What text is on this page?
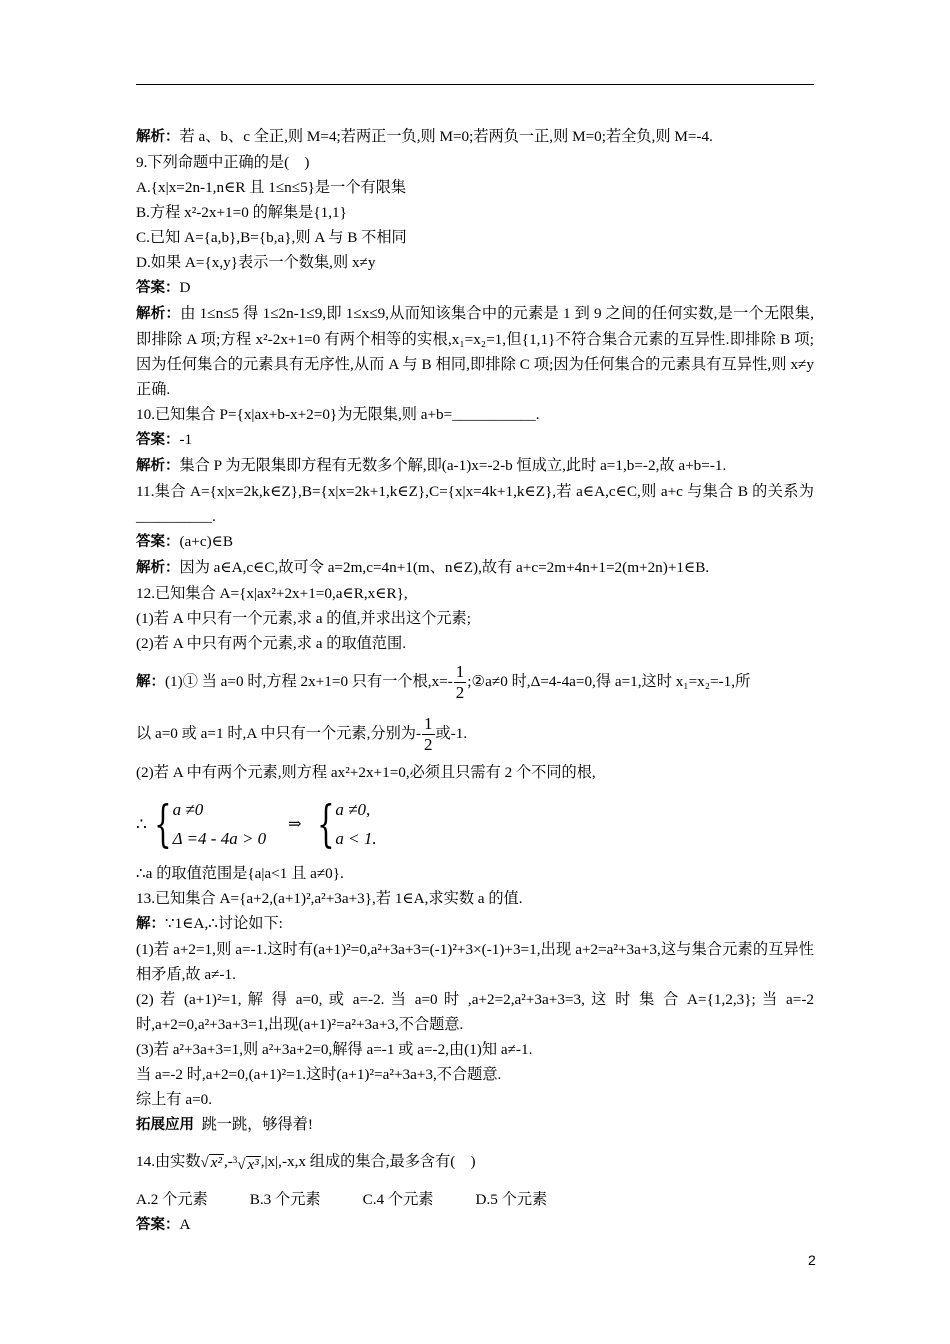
解析：若 a、b、c 全正,则 M=4;若两正一负,则 M=0;若两负一正,则 M=0;若全负,则 M=-4.

9.下列命题中正确的是(　)

A.{x|x=2n-1,n∈R 且 1≤n≤5}是一个有限集

B.方程 x²-2x+1=0 的解集是{1,1}

C.已知 A={a,b},B={b,a},则 A 与 B 不相同

D.如果 A={x,y}表示一个数集,则 x≠y

答案：D

解析：由 1≤n≤5 得 1≤2n-1≤9,即 1≤x≤9,从而知该集合中的元素是 1 到 9 之间的任何实数,是一个无限集,即排除 A 项;方程 x²-2x+1=0 有两个相等的实根,x₁=x₂=1,但{1,1}不符合集合元素的互异性.即排除 B 项;因为任何集合的元素具有无序性,从而 A 与 B 相同,即排除 C 项;因为任何集合的元素具有互异性,则 x≠y 正确.

10.已知集合 P={x|ax+b-x+2=0}为无限集,则 a+b=___________.

答案：-1

解析：集合 P 为无限集即方程有无数多个解,即(a-1)x=-2-b 恒成立,此时 a=1,b=-2,故 a+b=-1.

11.集合 A={x|x=2k,k∈Z},B={x|x=2k+1,k∈Z},C={x|x=4k+1,k∈Z},若 a∈A,c∈C,则 a+c 与集合 B 的关系为__________.

答案：(a+c)∈B

解析：因为 a∈A,c∈C,故可令 a=2m,c=4n+1(m、n∈Z),故有 a+c=2m+4n+1=2(m+2n)+1∈B.

12.已知集合 A={x|ax²+2x+1=0,a∈R,x∈R},

(1)若 A 中只有一个元素,求 a 的值,并求出这个元素;

(2)若 A 中只有两个元素,求 a 的取值范围.

解：(1)① 当 a=0 时,方程 2x+1=0 只有一个根$,x=- \frac{1}{2}$ ;②a≠0 时,Δ=4-4a=0,得 a=1,这时 x₁=x₂=-1,所

以 a=0 或 a=1 时,A 中只有一个元素,分别为- $\frac{1}{2}$ 或-1.

(2)若 A 中有两个元素,则方程 ax²+2x+1=0,必须且只需有 2 个不同的根,

∴ { a ≠0
Δ =4 - 4a > 0
⇒ { a ≠0,
a < 1.

∴a 的取值范围是{a|a<1 且 a≠0}.

13.已知集合 A={a+2,(a+1)²,a²+3a+3},若 1∈A,求实数 a 的值.

解：∵1∈A,∴讨论如下:

(1)若 a+2=1,则 a=-1.这时有(a+1)²=0,a²+3a+3=(-1)²+3×(-1)+3=1,出现 a+2=a²+3a+3,这与集合元素的互异性相矛盾,故 a≠-1.

(2) 若 (a+1)²=1, 解 得 a=0, 或 a=-2. 当 a=0 时 ,a+2=2,a²+3a+3=3, 这 时 集 合 A={1,2,3}; 当 a=-2 时,a+2=0,a²+3a+3=1,出现(a+1)²=a²+3a+3,不合题意.

(3)若 a²+3a+3=1,则 a²+3a+2=0,解得 a=-1 或 a=-2,由(1)知 a≠-1.

当 a=-2 时,a+2=0,(a+1)²=1.这时(a+1)²=a²+3a+3,不合题意.

综上有 a=0.

拓展应用 跳一跳，够得着!

14.由实数√ x² ,-$^3$√ x³ ,|x|,-x,x 组成的集合,最多含有(　)

A.2 个元素	B.3 个元素	C.4 个元素	D.5 个元素

答案：A

2
